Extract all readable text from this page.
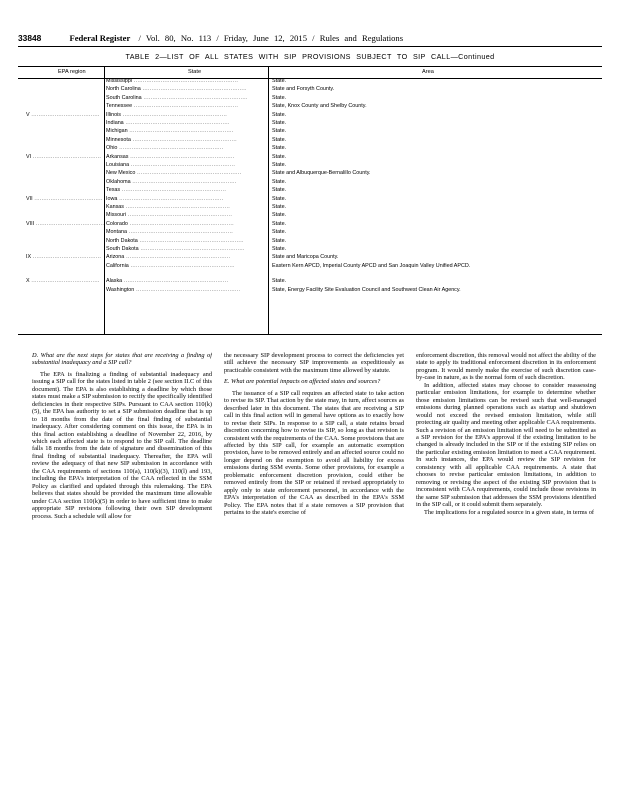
33848	Federal Register / Vol. 80, No. 113 / Friday, June 12, 2015 / Rules and Regulations
TABLE 2—LIST OF ALL STATES WITH SIP PROVISIONS SUBJECT TO SIP CALL—Continued
EPA region	State	Area
Mississippi ..........................................................	State.
North Carolina ..........................................................	State and Forsyth County.
South Carolina ..........................................................	State.
Tennessee ..........................................................	State, Knox County and Shelby County.
V ......................................	Illinois ..........................................................	State.
Indiana ..........................................................	State.
Michigan ..........................................................	State.
Minnesota ..........................................................	State.
Ohio ..........................................................	State.
VI ...................................... Arkansas ..........................................................	State.
Louisiana ..........................................................	State.
New Mexico ..........................................................	State and Albuquerque-Bernalillo County.
Oklahoma ..........................................................	State.
Texas ..........................................................	State.
VII ...................................... Iowa ..........................................................	State.
Kansas ..........................................................	State.
Missouri ..........................................................	State.
VIII ...................................... Colorado ..........................................................	State.
Montana ..........................................................	State.
North Dakota ..........................................................	State.
South Dakota ..........................................................	State.
IX ...................................... Arizona ..........................................................	State and Maricopa County.
California ..........................................................	Eastern Kern APCD, Imperial County APCD and San Joaquin Valley Unified APCD.
X ......................................	Alaska ..........................................................	State.
Washington ..........................................................	State, Energy Facility Site Evaluation Council and Southwest Clean Air Agency.
D. What are the next steps for states that are receiving a finding of substantial inadequacy and a SIP call?

The EPA is finalizing a finding of substantial inadequacy and issuing a SIP call for the states listed in table 2 (see section II.C of this document). The EPA is also establishing a deadline by which those states must make a SIP submission to rectify the specifically identified deficiencies in their respective SIPs. Pursuant to CAA section 110(k)(5), the EPA has authority to set a SIP submission deadline that is up to 18 months from the date of the final finding of substantial inadequacy. After considering comment on this issue, the EPA is in this final action establishing a deadline of November 22, 2016, by which each affected state is to respond to the SIP call. The deadline falls 18 months from the date of signature and dissemination of this final finding of substantial inadequacy. Thereafter, the EPA will review the adequacy of that new SIP submission in accordance with the CAA requirements of sections 110(a), 110(k)(3), 110(l) and 193, including the EPA's interpretation of the CAA reflected in the SSM Policy as clarified and updated through this rulemaking. The EPA believes that states should be provided the maximum time allowable under CAA section 110(k)(5) in order to have sufficient time to make appropriate SIP revisions following their own SIP development process. Such a schedule will allow for

the necessary SIP development process to correct the deficiencies yet still achieve the necessary SIP improvements as expeditiously as practicable consistent with the maximum time allowed by statute.

E. What are potential impacts on affected states and sources?

The issuance of a SIP call requires an affected state to take action to revise its SIP. That action by the state may, in turn, affect sources as described later in this document. The states that are receiving a SIP call in this final action will in general have options as to exactly how to revise their SIPs. In response to a SIP call, a state retains broad discretion concerning how to revise its SIP, so long as that revision is consistent with the requirements of the CAA. Some provisions that are affected by this SIP call, for example an automatic exemption provision, have to be removed entirely and an affected source could no longer depend on the exemption to avoid all liability for excess emissions during SSM events. Some other provisions, for example a problematic enforcement discretion provision, could either be removed entirely from the SIP or retained if revised appropriately to apply only to state enforcement personnel, in accordance with the EPA's interpretation of the CAA as described in the EPA's SSM Policy. The EPA notes that if a state removes a SIP provision that pertains to the state's exercise of

enforcement discretion, this removal would not affect the ability of the state to apply its traditional enforcement discretion in its enforcement program. It would merely make the exercise of such discretion case-by-case in nature, as is the normal form of such discretion.

In addition, affected states may choose to consider reassessing particular emission limitations, for example to determine whether those emission limitations can be revised such that well-managed emissions during planned operations such as startup and shutdown would not exceed the revised emission limitation, while still protecting air quality and meeting other applicable CAA requirements. Such a revision of an emission limitation will need to be submitted as a SIP revision for the EPA's approval if the existing limitation to be changed is already included in the SIP or if the existing SIP relies on the particular existing emission limitation to meet a CAA requirement. In such instances, the EPA would review the SIP revision for consistency with all applicable CAA requirements. A state that chooses to revise particular emission limitations, in addition to removing or revising the aspect of the existing SIP provision that is inconsistent with CAA requirements, could include those revisions in the same SIP submission that addresses the SSM provisions identified in the SIP call, or it could submit them separately.

The implications for a regulated source in a given state, in terms of
